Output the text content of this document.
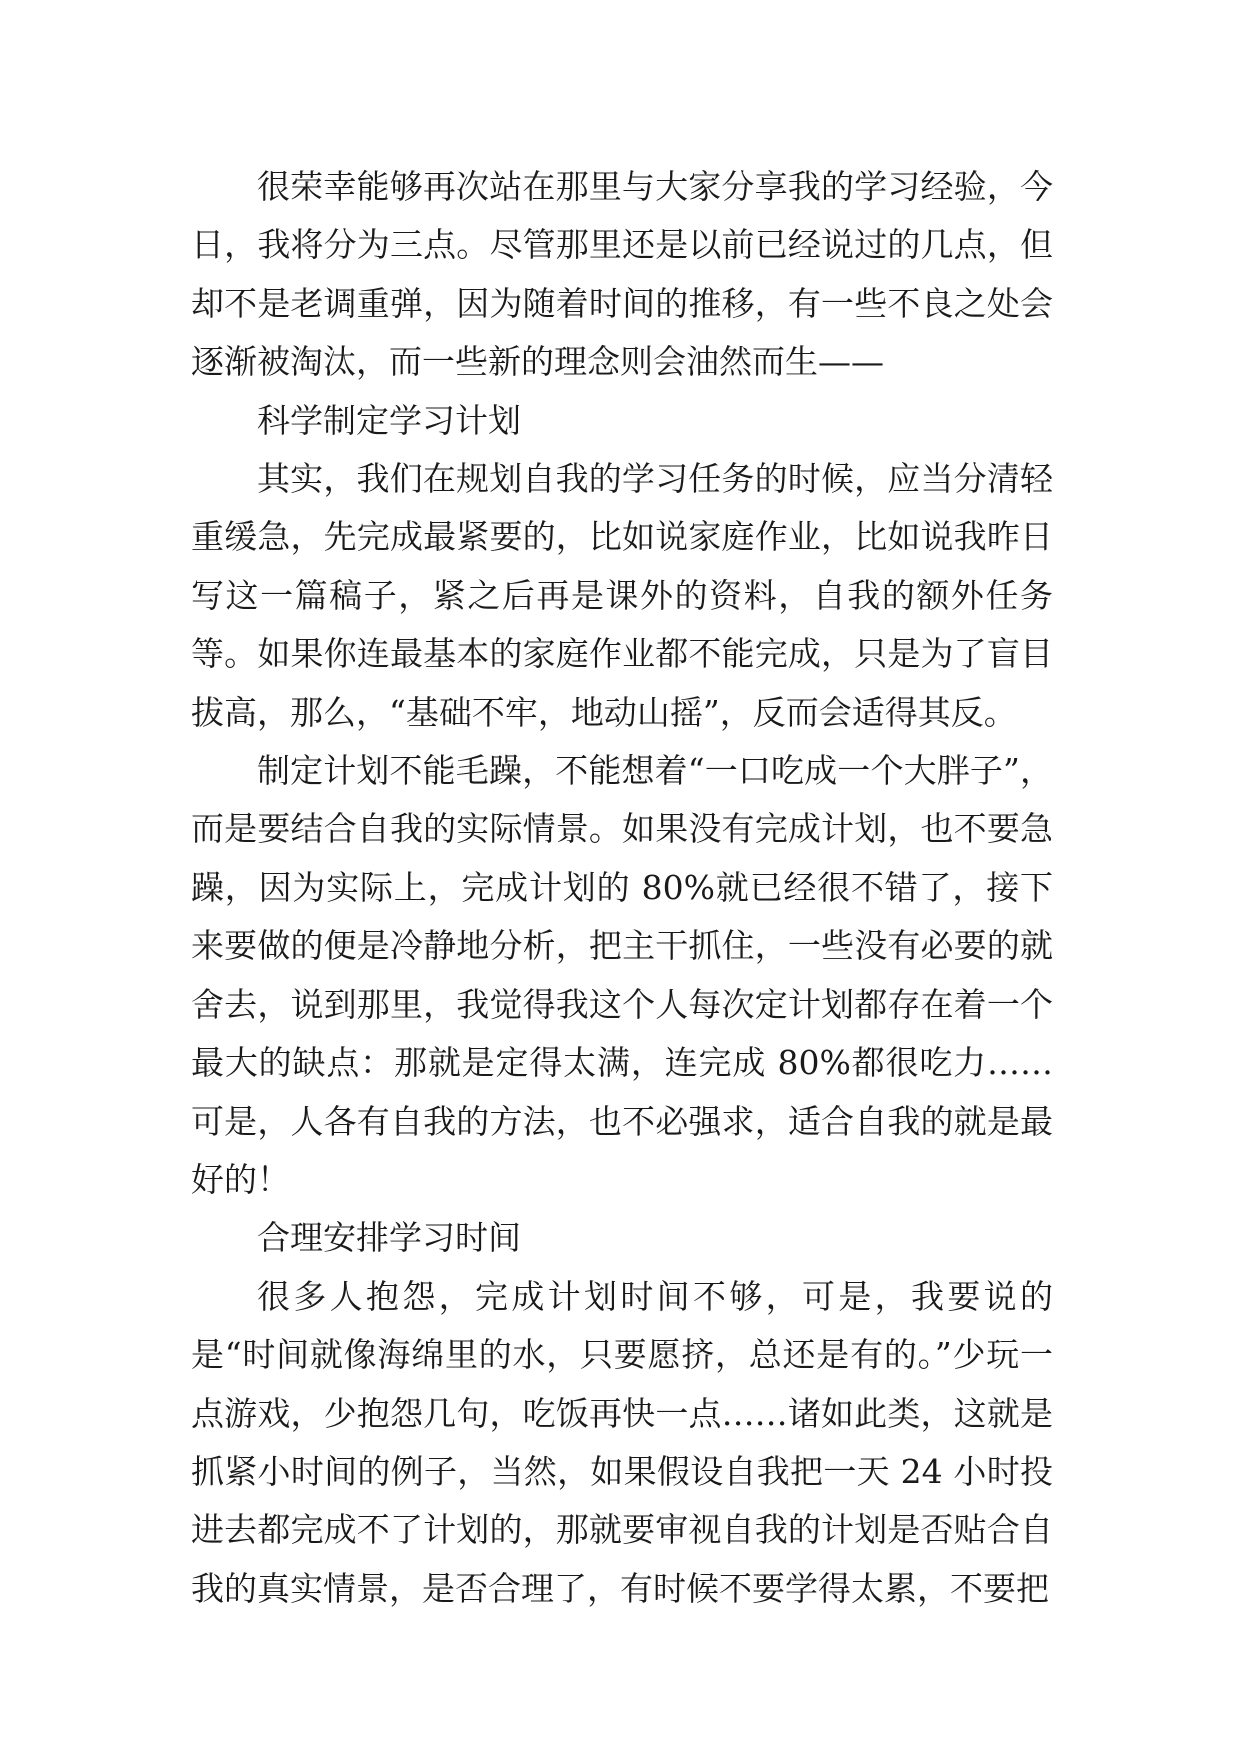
很荣幸能够再次站在那里与大家分享我的学习经验，今日，我将分为三点。尽管那里还是以前已经说过的几点，但却不是老调重弹，因为随着时间的推移，有一些不良之处会逐渐被淘汰，而一些新的理念则会油然而生——

科学制定学习计划

其实，我们在规划自我的学习任务的时候，应当分清轻重缓急，先完成最紧要的，比如说家庭作业，比如说我昨日写这一篇稿子，紧之后再是课外的资料，自我的额外任务等。如果你连最基本的家庭作业都不能完成，只是为了盲目拔高，那么，“基础不牢，地动山摇”，反而会适得其反。

制定计划不能毛躁，不能想着“一口吃成一个大胖子”，而是要结合自我的实际情景。如果没有完成计划，也不要急躁，因为实际上，完成计划的 80%就已经很不错了，接下来要做的便是冷静地分析，把主干抓住，一些没有必要的就舍去，说到那里，我觉得我这个人每次定计划都存在着一个最大的缺点：那就是定得太满，连完成 80%都很吃力……可是，人各有自我的方法，也不必强求，适合自我的就是最好的！

合理安排学习时间

很多人抱怨，完成计划时间不够，可是，我要说的是“时间就像海绵里的水，只要愿挤，总还是有的。”少玩一点游戏，少抱怨几句，吃饭再快一点……诸如此类，这就是抓紧小时间的例子，当然，如果假设自我把一天 24 小时投进去都完成不了计划的，那就要审视自我的计划是否贴合自我的真实情景，是否合理了，有时候不要学得太累，不要把
